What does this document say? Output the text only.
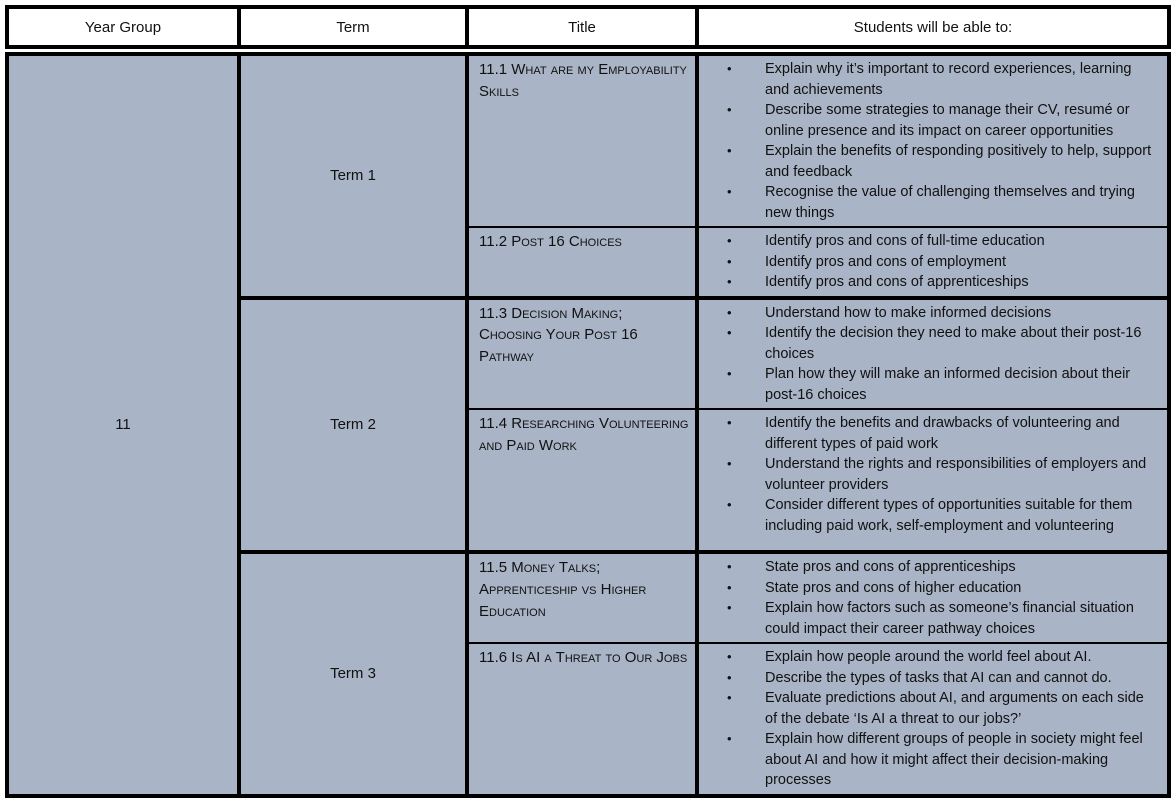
Year Group	Term	Title	Students will be able to:
11	Term 1	11.1 What are my Employability Skills	
• Explain why it’s important to record experiences, learning and achievements
• Describe some strategies to manage their CV, resumé or online presence and its impact on career opportunities
• Explain the benefits of responding positively to help, support and feedback
• Recognise the value of challenging themselves and trying new things

11.2 Post 16 Choices	
•Identify pros and cons of full-time education
• Identify pros and cons of employment
• Identify pros and cons of apprenticeships

Term 2	11.3 Decision Making; Choosing Your Post 16 Pathway	
• Understand how to make informed decisions
• Identify the decision they need to make about their post-16 choices
• Plan how they will make an informed decision about their post-16 choices

11.4 Researching Volunteering and Paid Work	
• Identify the benefits and drawbacks of volunteering and different types of paid work
• Understand the rights and responsibilities of employers and volunteer providers
• Consider different types of opportunities suitable for them including paid work, self-employment and volunteering

Term 3	11.5 Money Talks; Apprenticeship vs Higher Education	
• State pros and cons of apprenticeships
• State pros and cons of higher education
• Explain how factors such as someone’s financial situation could impact their career pathway choices

11.6 Is AI a Threat to Our Jobs	
•Explain how people around the world feel about AI.
• Describe the types of tasks that AI can and cannot do.
• Evaluate predictions about AI, and arguments on each side of the debate ‘Is AI a threat to our jobs?’
• Explain how different groups of people in society might feel about AI and how it might affect their decision-making processes
